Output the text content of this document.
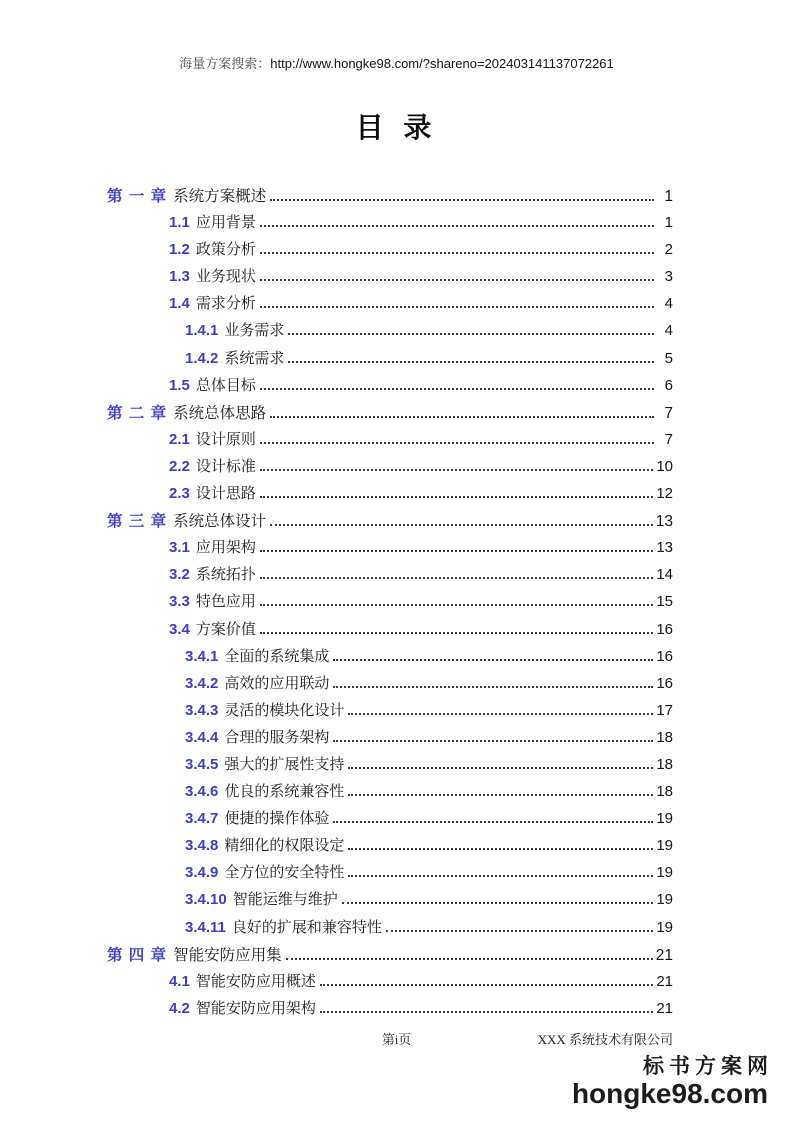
海量方案搜索：http://www.hongke98.com/?shareno=202403141137072261
目 录
第 一 章 系统方案概述	1
1.1 应用背景	1
1.2 政策分析	2
1.3 业务现状	3
1.4 需求分析	4
1.4.1 业务需求	4
1.4.2 系统需求	5
1.5 总体目标	6
第 二 章 系统总体思路	7
2.1 设计原则	7
2.2 设计标准	10
2.3 设计思路	12
第 三 章 系统总体设计	13
3.1 应用架构	13
3.2 系统拓扑	14
3.3 特色应用	15
3.4 方案价值	16
3.4.1 全面的系统集成	16
3.4.2 高效的应用联动	16
3.4.3 灵活的模块化设计	17
3.4.4 合理的服务架构	18
3.4.5 强大的扩展性支持	18
3.4.6 优良的系统兼容性	18
3.4.7 便捷的操作体验	19
3.4.8 精细化的权限设定	19
3.4.9 全方位的安全特性	19
3.4.10 智能运维与维护	19
3.4.11 良好的扩展和兼容特性	19
第 四 章 智能安防应用集	21
4.1 智能安防应用概述	21
4.2 智能安防应用架构	21
第i页	XXX 系统技术有限公司
标书方案网
hongke98.com
